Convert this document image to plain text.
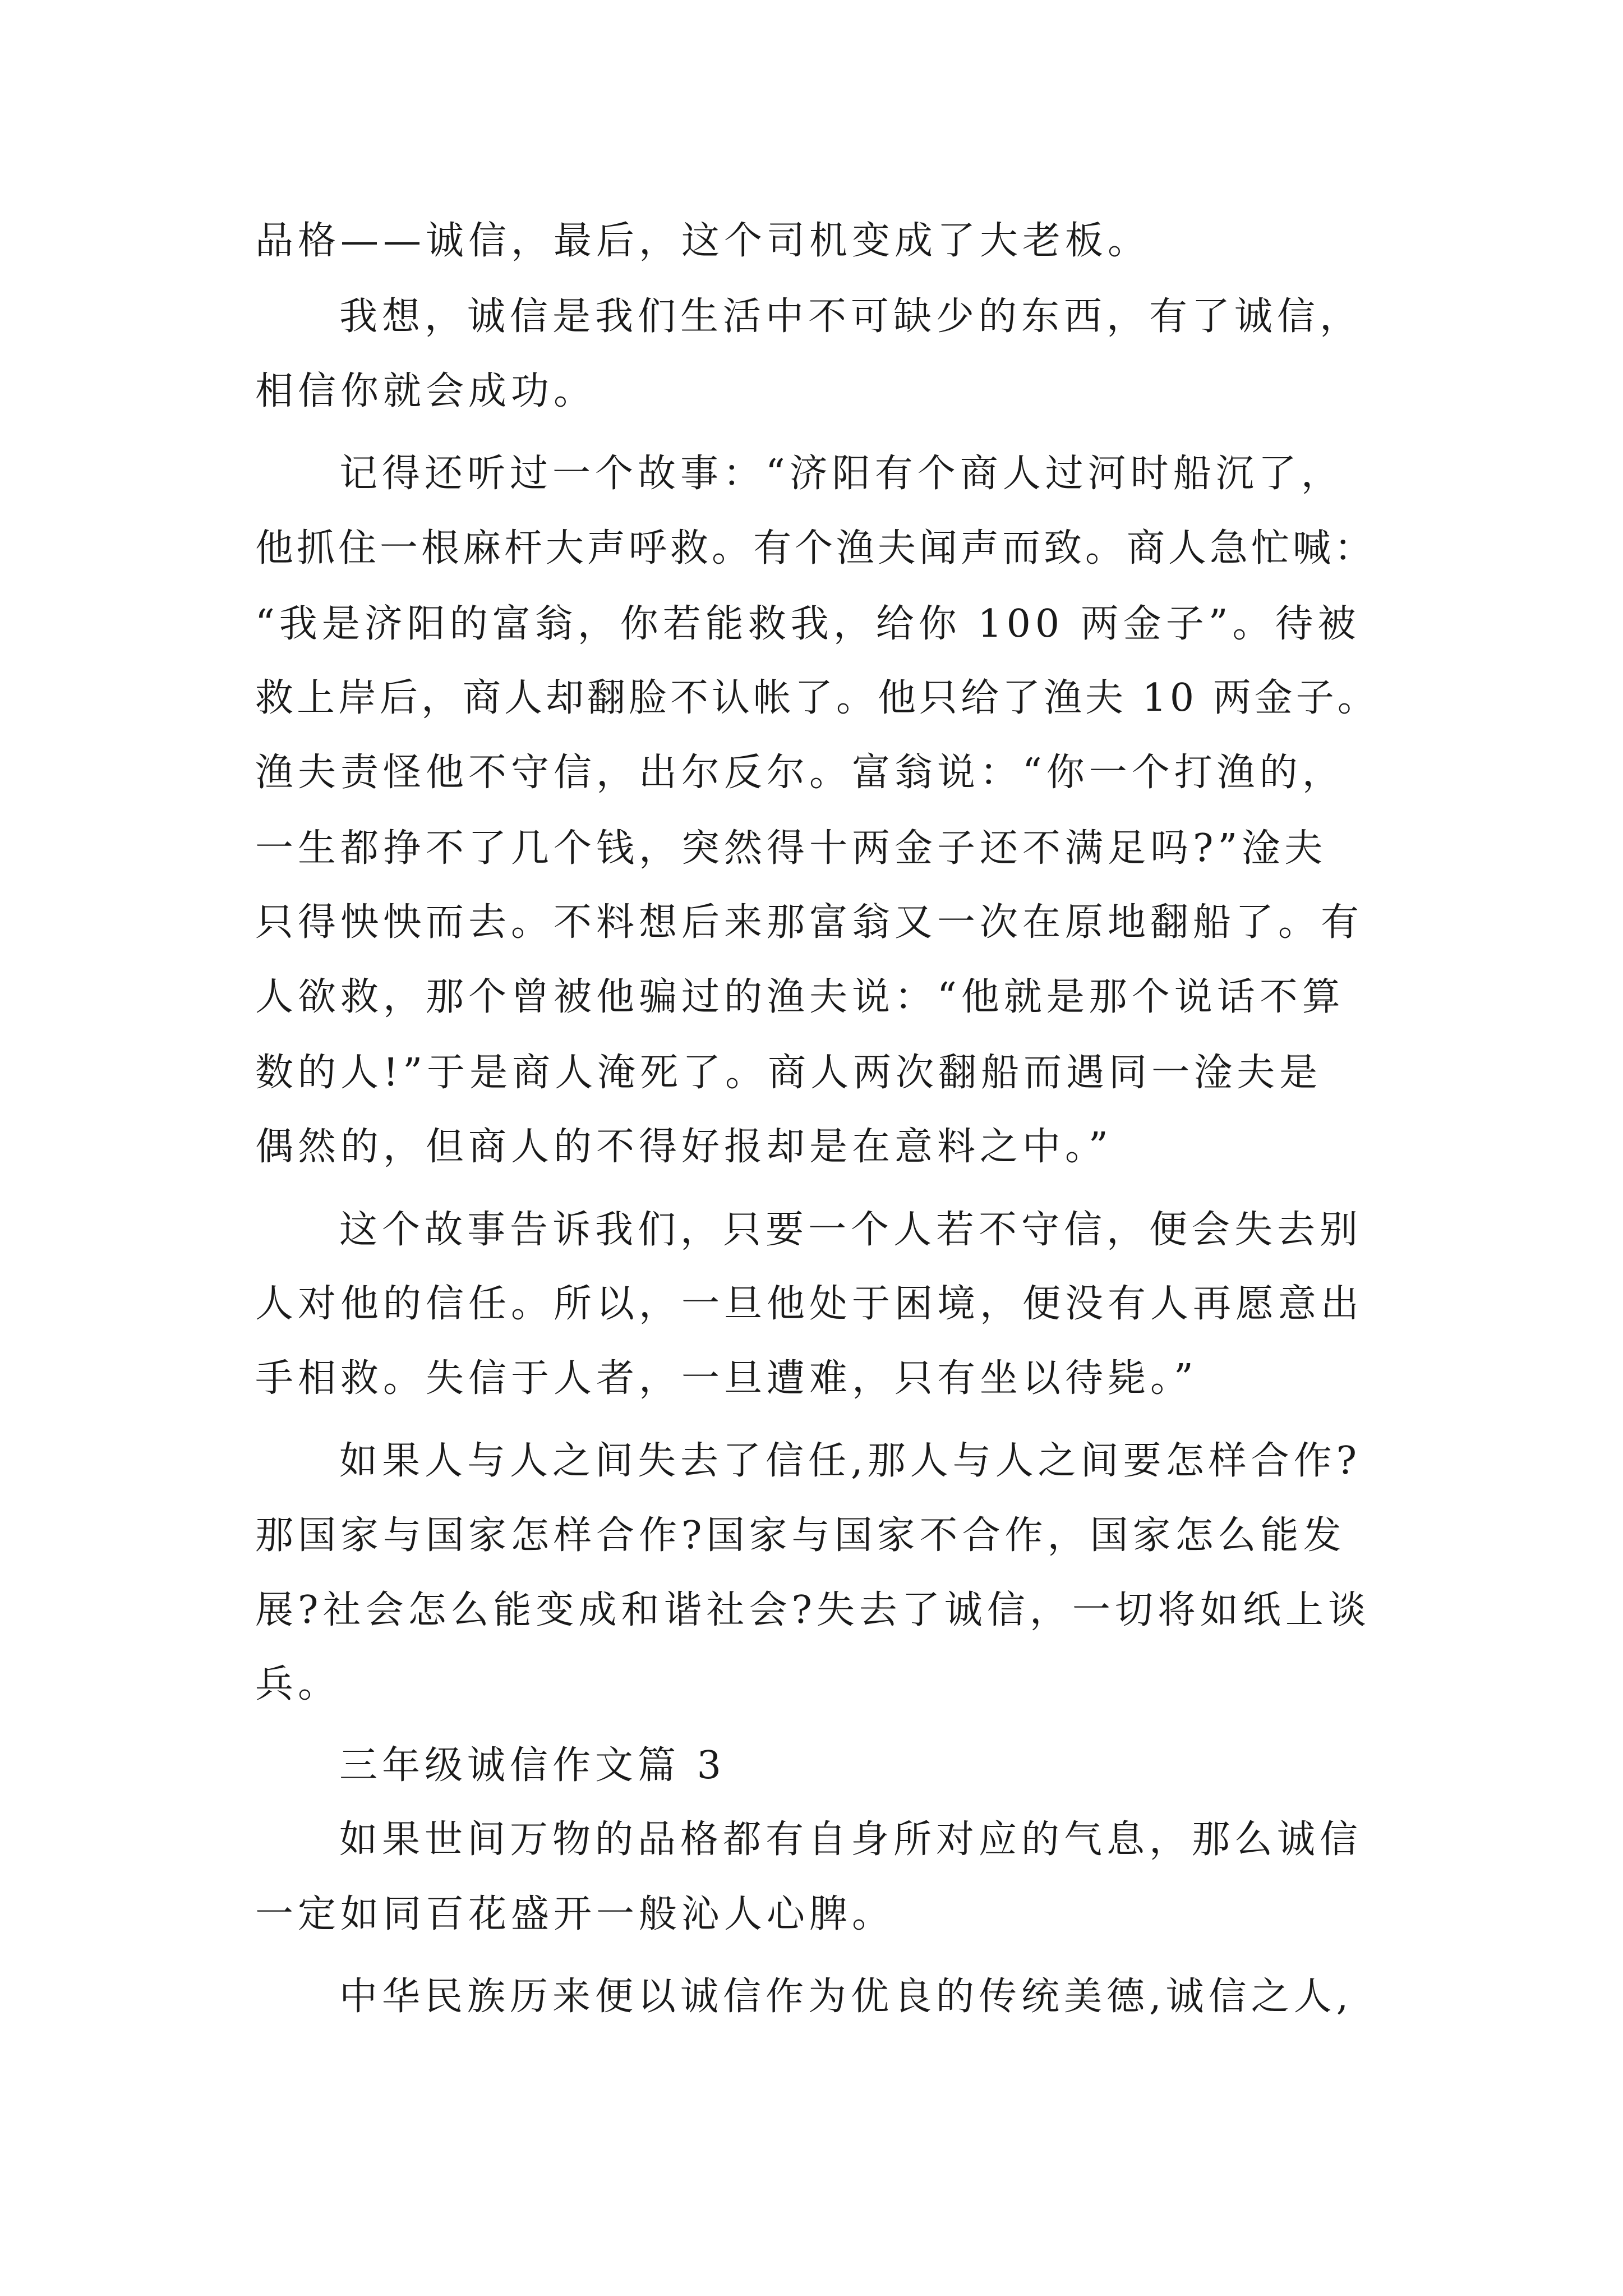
品格——诚信，最后，这个司机变成了大老板。

我想，诚信是我们生活中不可缺少的东西，有了诚信，

相信你就会成功。

记得还听过一个故事：“济阳有个商人过河时船沉了，

他抓住一根麻杆大声呼救。有个渔夫闻声而致。商人急忙喊：

“我是济阳的富翁，你若能救我，给你 100 两金子”。待被

救上岸后，商人却翻脸不认帐了。他只给了渔夫 10 两金子。

渔夫责怪他不守信，出尔反尔。富翁说：“你一个打渔的，

一生都挣不了几个钱，突然得十两金子还不满足吗?”淦夫

只得怏怏而去。不料想后来那富翁又一次在原地翻船了。有

人欲救，那个曾被他骗过的渔夫说：“他就是那个说话不算

数的人!”于是商人淹死了。商人两次翻船而遇同一淦夫是

偶然的，但商人的不得好报却是在意料之中。”

这个故事告诉我们，只要一个人若不守信，便会失去别

人对他的信任。所以，一旦他处于困境，便没有人再愿意出

手相救。失信于人者，一旦遭难，只有坐以待毙。”

如果人与人之间失去了信任,那人与人之间要怎样合作?

那国家与国家怎样合作?国家与国家不合作，国家怎么能发

展?社会怎么能变成和谐社会?失去了诚信，一切将如纸上谈

兵。

三年级诚信作文篇 3

如果世间万物的品格都有自身所对应的气息，那么诚信

一定如同百花盛开一般沁人心脾。

中华民族历来便以诚信作为优良的传统美德,诚信之人,
